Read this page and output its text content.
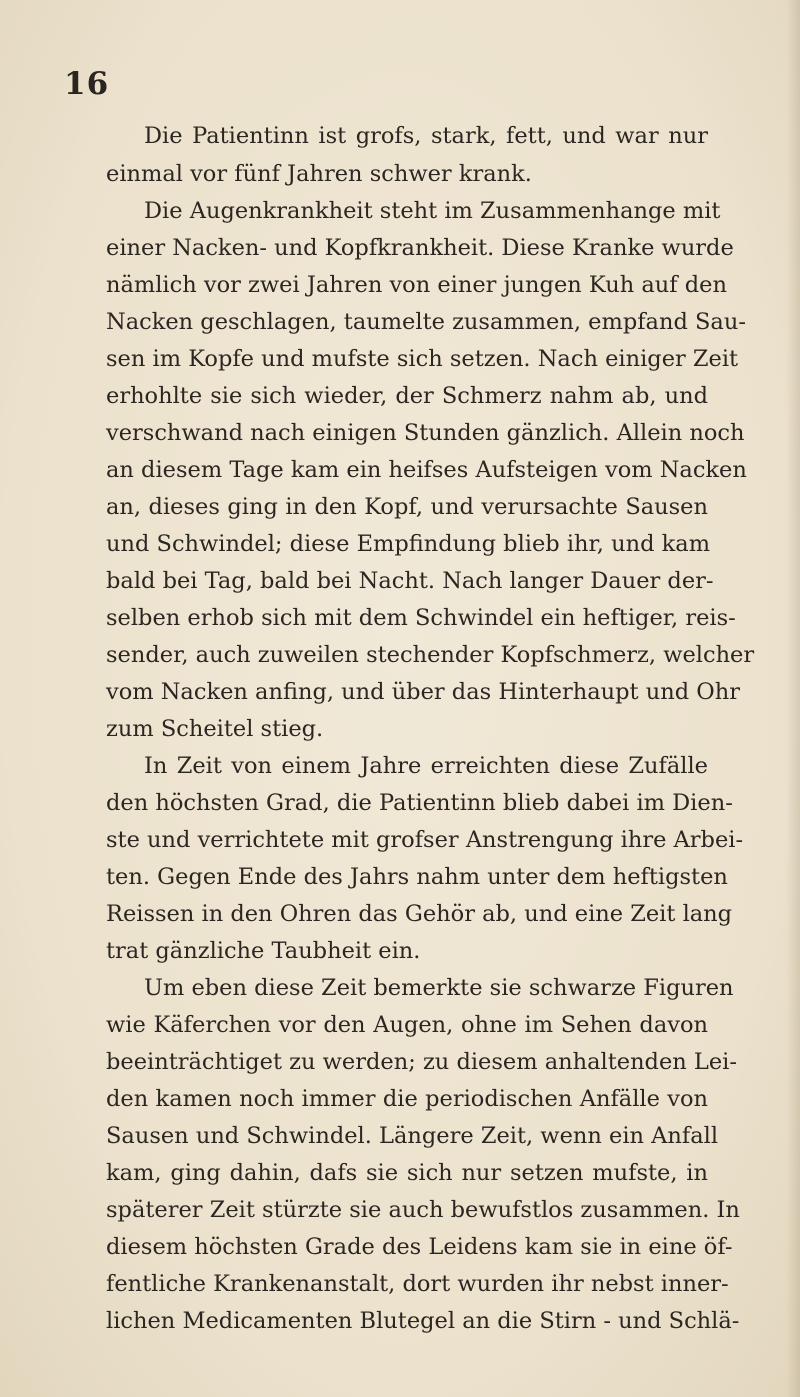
16
Die Patientinn ist grofs, stark, fett, und war nur
einmal vor fünf Jahren schwer krank.
Die Augenkrankheit steht im Zusammenhange mit
einer Nacken- und Kopfkrankheit. Diese Kranke wurde
nämlich vor zwei Jahren von einer jungen Kuh auf den
Nacken geschlagen, taumelte zusammen, empfand Sau-
sen im Kopfe und mufste sich setzen. Nach einiger Zeit
erhohlte sie sich wieder, der Schmerz nahm ab, und
verschwand nach einigen Stunden gänzlich. Allein noch
an diesem Tage kam ein heifses Aufsteigen vom Nacken
an, dieses ging in den Kopf, und verursachte Sausen
und Schwindel; diese Empfindung blieb ihr, und kam
bald bei Tag, bald bei Nacht. Nach langer Dauer der-
selben erhob sich mit dem Schwindel ein heftiger, reis-
sender, auch zuweilen stechender Kopfschmerz, welcher
vom Nacken anfing, und über das Hinterhaupt und Ohr
zum Scheitel stieg.
In Zeit von einem Jahre erreichten diese Zufälle
den höchsten Grad, die Patientinn blieb dabei im Dien-
ste und verrichtete mit grofser Anstrengung ihre Arbei-
ten. Gegen Ende des Jahrs nahm unter dem heftigsten
Reissen in den Ohren das Gehör ab, und eine Zeit lang
trat gänzliche Taubheit ein.
Um eben diese Zeit bemerkte sie schwarze Figuren
wie Käferchen vor den Augen, ohne im Sehen davon
beeinträchtiget zu werden; zu diesem anhaltenden Lei-
den kamen noch immer die periodischen Anfälle von
Sausen und Schwindel. Längere Zeit, wenn ein Anfall
kam, ging dahin, dafs sie sich nur setzen mufste, in
späterer Zeit stürzte sie auch bewufstlos zusammen. In
diesem höchsten Grade des Leidens kam sie in eine öf-
fentliche Krankenanstalt, dort wurden ihr nebst inner-
lichen Medicamenten Blutegel an die Stirn - und Schlä-
